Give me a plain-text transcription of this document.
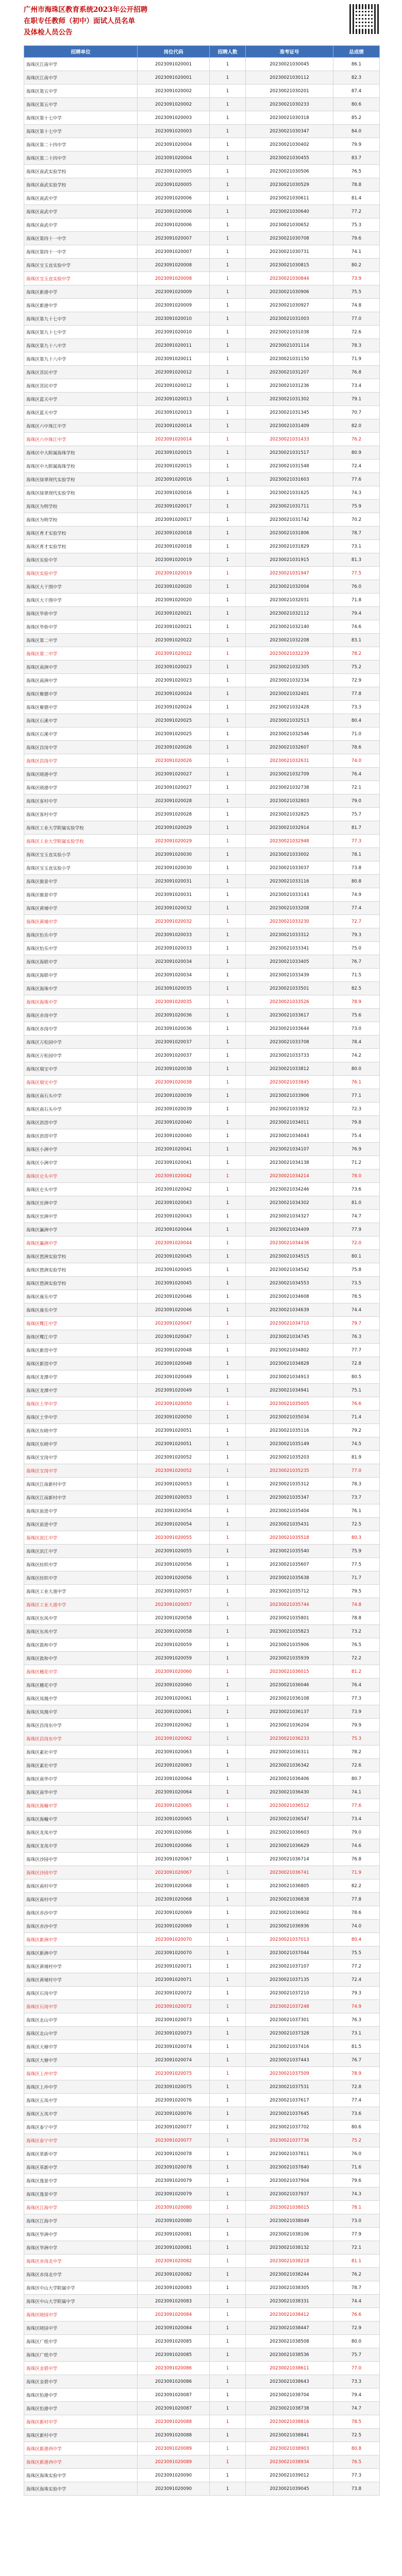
广州市海珠区教育系统2023年公开招聘
在职专任教师（初中）面试人员名单
及体检人员公告
招聘单位	岗位代码	招聘人数	准考证号	总成绩
海珠区江南中学	2023091020001	1	20230021030045	86.1
海珠区江南中学	2023091020001	1	20230021030112	82.3
海珠区第五中学	2023091020002	1	20230021030201	87.4
海珠区第五中学	2023091020002	1	20230021030233	80.6
海珠区第十七中学	2023091020003	1	20230021030318	85.2
海珠区第十七中学	2023091020003	1	20230021030347	84.0
海珠区第二十四中学	2023091020004	1	20230021030402	79.9
海珠区第二十四中学	2023091020004	1	20230021030455	83.7
海珠区南武实验学校	2023091020005	1	20230021030506	76.5
海珠区南武实验学校	2023091020005	1	20230021030529	78.8
海珠区南武中学	2023091020006	1	20230021030611	81.4
海珠区南武中学	2023091020006	1	20230021030640	77.2
海珠区南武中学	2023091020006	1	20230021030652	75.3
海珠区第四十一中学	2023091020007	1	20230021030708	79.6
海珠区第四十一中学	2023091020007	1	20230021030731	74.1
海珠区宝玉直实验中学	2023091020008	1	20230021030815	80.2
海珠区宝玉直实验中学	2023091020008	1	20230021030844	73.9
海珠区新港中学	2023091020009	1	20230021030906	75.5
海珠区新港中学	2023091020009	1	20230021030927	74.8
海珠区第九十七中学	2023091020010	1	20230021031003	77.0
海珠区第九十七中学	2023091020010	1	20230021031038	72.6
海珠区第九十八中学	2023091020011	1	20230021031114	78.3
海珠区第九十八中学	2023091020011	1	20230021031150	71.9
海珠区菩民中学	2023091020012	1	20230021031207	76.8
海珠区菩民中学	2023091020012	1	20230021031236	73.4
海珠区蓝天中学	2023091020013	1	20230021031302	79.1
海珠区蓝天中学	2023091020013	1	20230021031345	70.7
海珠区六中珠江中学	2023091020014	1	20230021031409	82.0
海珠区六中珠江中学	2023091020014	1	20230021031433	76.2
海珠区中大附属海珠学校	2023091020015	1	20230021031517	80.9
海珠区中大附属海珠学校	2023091020015	1	20230021031548	72.4
海珠区绿翠现代实验学校	2023091020016	1	20230021031603	77.6
海珠区绿翠现代实验学校	2023091020016	1	20230021031625	74.3
海珠区为明学校	2023091020017	1	20230021031711	75.9
海珠区为明学校	2023091020017	1	20230021031742	70.2
海珠区育才实验学校	2023091020018	1	20230021031806	78.7
海珠区育才实验学校	2023091020018	1	20230021031829	73.1
海珠区实验中学	2023091020019	1	20230021031915	81.3
海珠区实验中学	2023091020019	1	20230021031947	77.5
海珠区大干围中学	2023091020020	1	20230021032004	76.0
海珠区大干围中学	2023091020020	1	20230021032031	71.8
海珠区华侨中学	2023091020021	1	20230021032112	79.4
海珠区华侨中学	2023091020021	1	20230021032140	74.6
海珠区第二中学	2023091020022	1	20230021032208	83.1
海珠区第二中学	2023091020022	1	20230021032239	78.2
海珠区南洲中学	2023091020023	1	20230021032305	75.2
海珠区南洲中学	2023091020023	1	20230021032334	72.9
海珠区聚德中学	2023091020024	1	20230021032401	77.8
海珠区聚德中学	2023091020024	1	20230021032428	73.3
海珠区石溪中学	2023091020025	1	20230021032513	80.4
海珠区石溪中学	2023091020025	1	20230021032546	71.0
海珠区昌岗中学	2023091020026	1	20230021032607	78.6
海珠区昌岗中学	2023091020026	1	20230021032631	74.0
海珠区晓港中学	2023091020027	1	20230021032709	76.4
海珠区晓港中学	2023091020027	1	20230021032738	72.1
海珠区客村中学	2023091020028	1	20230021032803	79.0
海珠区客村中学	2023091020028	1	20230021032825	75.7
海珠区工业大学附属实验学校	2023091020029	1	20230021032914	81.7
海珠区工业大学附属实验学校	2023091020029	1	20230021032948	77.3
海珠区宝玉直实验小学	2023091020030	1	20230021033002	78.1
海珠区宝玉直实验小学	2023091020030	1	20230021033037	73.8
海珠区骏景中学	2023091020031	1	20230021033116	80.8
海珠区骏景中学	2023091020031	1	20230021033143	74.9
海珠区黄埔中学	2023091020032	1	20230021033208	77.4
海珠区黄埔中学	2023091020032	1	20230021033230	72.7
海珠区怡乐中学	2023091020033	1	20230021033312	79.3
海珠区怡乐中学	2023091020033	1	20230021033341	75.0
海珠区海联中学	2023091020034	1	20230021033405	76.7
海珠区海联中学	2023091020034	1	20230021033439	71.5
海珠区海珠中学	2023091020035	1	20230021033501	82.5
海珠区海珠中学	2023091020035	1	20230021033526	78.9
海珠区赤岗中学	2023091020036	1	20230021033617	75.6
海珠区赤岗中学	2023091020036	1	20230021033644	73.0
海珠区万松园中学	2023091020037	1	20230021033708	78.4
海珠区万松园中学	2023091020037	1	20230021033733	74.2
海珠区瑞宝中学	2023091020038	1	20230021033812	80.0
海珠区瑞宝中学	2023091020038	1	20230021033845	76.1
海珠区南石头中学	2023091020039	1	20230021033906	77.1
海珠区南石头中学	2023091020039	1	20230021033932	72.3
海珠区沥滘中学	2023091020040	1	20230021034011	79.8
海珠区沥滘中学	2023091020040	1	20230021034043	75.4
海珠区小洲中学	2023091020041	1	20230021034107	76.9
海珠区小洲中学	2023091020041	1	20230021034138	71.2
海珠区仑头中学	2023091020042	1	20230021034214	78.0
海珠区仑头中学	2023091020042	1	20230021034246	73.6
海珠区官洲中学	2023091020043	1	20230021034302	81.0
海珠区官洲中学	2023091020043	1	20230021034327	74.7
海珠区瀛洲中学	2023091020044	1	20230021034409	77.9
海珠区瀛洲中学	2023091020044	1	20230021034436	72.0
海珠区琶洲实验学校	2023091020045	1	20230021034515	80.1
海珠区琶洲实验学校	2023091020045	1	20230021034542	75.8
海珠区琶洲实验学校	2023091020045	1	20230021034553	73.5
海珠区康乐中学	2023091020046	1	20230021034608	78.5
海珠区康乐中学	2023091020046	1	20230021034639	74.4
海珠区鹭江中学	2023091020047	1	20230021034710	79.7
海珠区鹭江中学	2023091020047	1	20230021034745	76.3
海珠区新滘中学	2023091020048	1	20230021034802	77.7
海珠区新滘中学	2023091020048	1	20230021034828	72.8
海珠区龙潭中学	2023091020049	1	20230021034913	80.5
海珠区龙潭中学	2023091020049	1	20230021034941	75.1
海珠区土华中学	2023091020050	1	20230021035005	76.6
海珠区土华中学	2023091020050	1	20230021035034	71.4
海珠区东晓中学	2023091020051	1	20230021035116	79.2
海珠区东晓中学	2023091020051	1	20230021035149	74.5
海珠区宝岗中学	2023091020052	1	20230021035203	81.9
海珠区宝岗中学	2023091020052	1	20230021035235	77.0
海珠区江南新村中学	2023091020053	1	20230021035312	78.3
海珠区江南新村中学	2023091020053	1	20230021035347	73.7
海珠区前进中学	2023091020054	1	20230021035404	76.1
海珠区前进中学	2023091020054	1	20230021035431	72.5
海珠区滨江中学	2023091020055	1	20230021035518	80.3
海珠区滨江中学	2023091020055	1	20230021035540	75.9
海珠区纺织中学	2023091020056	1	20230021035607	77.5
海珠区纺织中学	2023091020056	1	20230021035638	71.7
海珠区工业大道中学	2023091020057	1	20230021035712	79.5
海珠区工业大道中学	2023091020057	1	20230021035744	74.8
海珠区东风中学	2023091020058	1	20230021035801	78.8
海珠区东风中学	2023091020058	1	20230021035823	73.2
海珠区敦和中学	2023091020059	1	20230021035906	76.5
海珠区敦和中学	2023091020059	1	20230021035939	72.2
海珠区穗花中学	2023091020060	1	20230021036015	81.2
海珠区穗花中学	2023091020060	1	20230021036046	76.4
海珠区凤凰中学	2023091020061	1	20230021036108	77.3
海珠区凤凰中学	2023091020061	1	20230021036137	73.9
海珠区昌岗东中学	2023091020062	1	20230021036204	79.9
海珠区昌岗东中学	2023091020062	1	20230021036233	75.3
海珠区素社中学	2023091020063	1	20230021036311	78.2
海珠区素社中学	2023091020063	1	20230021036342	72.6
海珠区南华中学	2023091020064	1	20230021036406	80.7
海珠区南华中学	2023091020064	1	20230021036430	74.1
海珠区海幢中学	2023091020065	1	20230021036512	77.6
海珠区海幢中学	2023091020065	1	20230021036547	73.4
海珠区龙凤中学	2023091020066	1	20230021036603	79.0
海珠区龙凤中学	2023091020066	1	20230021036629	74.6
海珠区沙园中学	2023091020067	1	20230021036714	76.8
海珠区沙园中学	2023091020067	1	20230021036741	71.9
海珠区南村中学	2023091020068	1	20230021036805	82.2
海珠区南村中学	2023091020068	1	20230021036838	77.8
海珠区赤沙中学	2023091020069	1	20230021036902	78.6
海珠区赤沙中学	2023091020069	1	20230021036936	74.0
海珠区新洲中学	2023091020070	1	20230021037013	80.4
海珠区新洲中学	2023091020070	1	20230021037044	75.5
海珠区黄埔村中学	2023091020071	1	20230021037107	77.2
海珠区黄埔村中学	2023091020071	1	20230021037135	72.4
海珠区石岗中学	2023091020072	1	20230021037210	79.3
海珠区石岗中学	2023091020072	1	20230021037248	74.9
海珠区北山中学	2023091020073	1	20230021037301	76.3
海珠区北山中学	2023091020073	1	20230021037328	73.1
海珠区大塘中学	2023091020074	1	20230021037416	81.5
海珠区大塘中学	2023091020074	1	20230021037443	76.7
海珠区上冲中学	2023091020075	1	20230021037509	78.9
海珠区上冲中学	2023091020075	1	20230021037531	72.8
海珠区五凤中学	2023091020076	1	20230021037617	77.4
海珠区五凤中学	2023091020076	1	20230021037645	73.6
海珠区泰宁中学	2023091020077	1	20230021037702	80.6
海珠区泰宁中学	2023091020077	1	20230021037736	75.2
海珠区革新中学	2023091020078	1	20230021037811	76.0
海珠区革新中学	2023091020078	1	20230021037840	71.6
海珠区逸景中学	2023091020079	1	20230021037904	79.6
海珠区逸景中学	2023091020079	1	20230021037937	74.3
海珠区江海中学	2023091020080	1	20230021038015	78.1
海珠区江海中学	2023091020080	1	20230021038049	73.0
海珠区华洲中学	2023091020081	1	20230021038106	77.9
海珠区华洲中学	2023091020081	1	20230021038132	72.1
海珠区赤岗北中学	2023091020082	1	20230021038218	81.1
海珠区赤岗北中学	2023091020082	1	20230021038244	76.2
海珠区中山大学附属中学	2023091020083	1	20230021038305	78.7
海珠区中山大学附属中学	2023091020083	1	20230021038331	74.4
海珠区晓园中学	2023091020084	1	20230021038412	76.6
海珠区晓园中学	2023091020084	1	20230021038447	72.9
海珠区广纸中学	2023091020085	1	20230021038508	80.0
海珠区广纸中学	2023091020085	1	20230021038536	75.7
海珠区金碧中学	2023091020086	1	20230021038611	77.0
海珠区金碧中学	2023091020086	1	20230021038643	73.3
海珠区怡港中学	2023091020087	1	20230021038704	79.4
海珠区怡港中学	2023091020087	1	20230021038738	74.7
海珠区新村中学	2023091020088	1	20230021038816	78.5
海珠区新村中学	2023091020088	1	20230021038841	72.5
海珠区新港西中学	2023091020089	1	20230021038903	80.8
海珠区新港西中学	2023091020089	1	20230021038934	76.5
海珠区海珠实验中学	2023091020090	1	20230021039012	77.3
海珠区海珠实验中学	2023091020090	1	20230021039045	73.8
